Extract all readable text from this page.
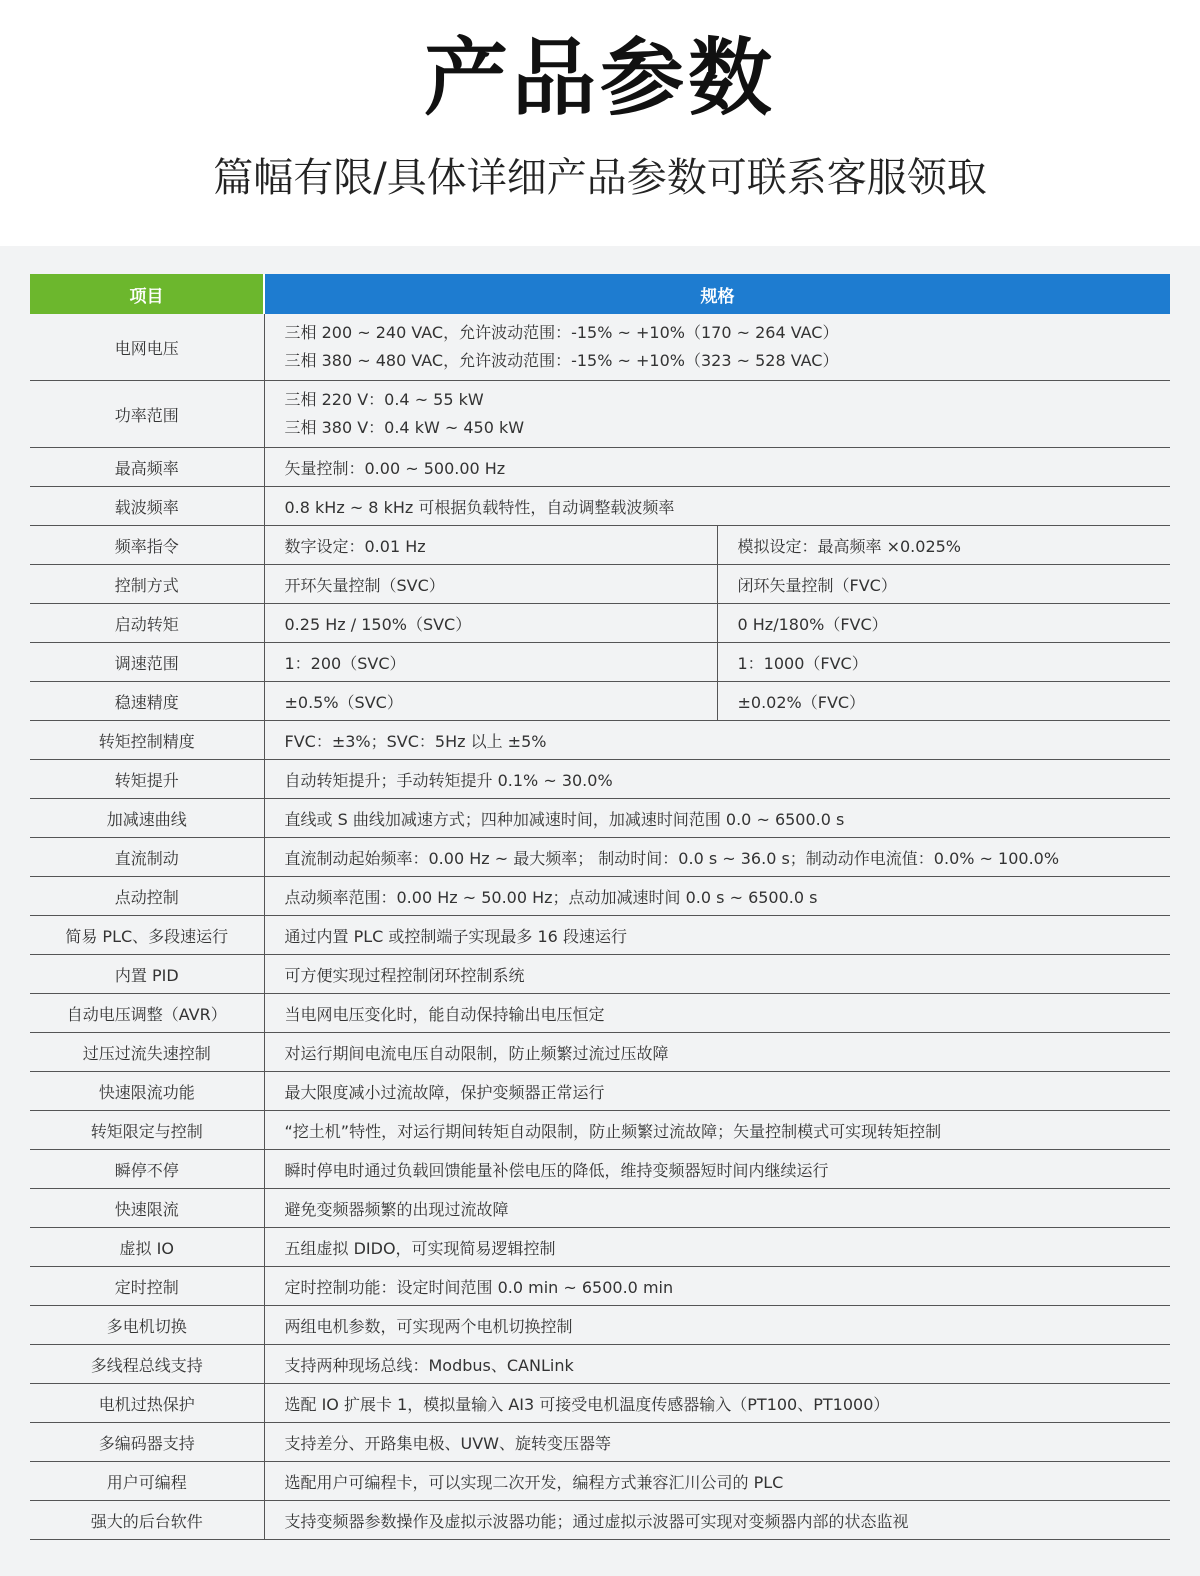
产品参数
篇幅有限/具体详细产品参数可联系客服领取
项目	规格	
电网电压	三相 200 ~ 240 VAC，允许波动范围：-15% ~ +10%（170 ~ 264 VAC）
三相 380 ~ 480 VAC，允许波动范围：-15% ~ +10%（323 ~ 528 VAC）	

功率范围	三相 220 V：0.4 ~ 55 kW
三相 380 V：0.4 kW ~ 450 kW	

最高频率	矢量控制：0.00 ~ 500.00 Hz	
载波频率	0.8 kHz ~ 8 kHz 可根据负载特性，自动调整载波频率	
频率指令	数字设定：0.01 Hz	模拟设定：最高频率 ×0.025%
控制方式	开环矢量控制（SVC）	闭环矢量控制（FVC）
启动转矩	0.25 Hz / 150%（SVC）	0 Hz/180%（FVC）
调速范围	1：200（SVC）	1：1000（FVC）
稳速精度	±0.5%（SVC）	±0.02%（FVC）
转矩控制精度	FVC：±3%；SVC：5Hz 以上 ±5%	
转矩提升	自动转矩提升；手动转矩提升 0.1% ~ 30.0%	
加减速曲线	直线或 S 曲线加减速方式；四种加减速时间，加减速时间范围 0.0 ~ 6500.0 s	
直流制动	直流制动起始频率：0.00 Hz ~ 最大频率； 制动时间：0.0 s ~ 36.0 s；制动动作电流值：0.0% ~ 100.0%	
点动控制	点动频率范围：0.00 Hz ~ 50.00 Hz；点动加减速时间 0.0 s ~ 6500.0 s	
简易 PLC、多段速运行	通过内置 PLC 或控制端子实现最多 16 段速运行	
内置 PID	可方便实现过程控制闭环控制系统	
自动电压调整（AVR）	当电网电压变化时，能自动保持输出电压恒定	
过压过流失速控制	对运行期间电流电压自动限制，防止频繁过流过压故障	
快速限流功能	最大限度减小过流故障，保护变频器正常运行	
转矩限定与控制	“挖土机”特性，对运行期间转矩自动限制，防止频繁过流故障；矢量控制模式可实现转矩控制	
瞬停不停	瞬时停电时通过负载回馈能量补偿电压的降低，维持变频器短时间内继续运行	
快速限流	避免变频器频繁的出现过流故障	
虚拟 IO	五组虚拟 DIDO，可实现简易逻辑控制	
定时控制	定时控制功能：设定时间范围 0.0 min ~ 6500.0 min	
多电机切换	两组电机参数，可实现两个电机切换控制	
多线程总线支持	支持两种现场总线：Modbus、CANLink	
电机过热保护	选配 IO 扩展卡 1，模拟量输入 AI3 可接受电机温度传感器输入（PT100、PT1000）	
多编码器支持	支持差分、开路集电极、UVW、旋转变压器等	
用户可编程	选配用户可编程卡，可以实现二次开发，编程方式兼容汇川公司的 PLC	
强大的后台软件	支持变频器参数操作及虚拟示波器功能；通过虚拟示波器可实现对变频器内部的状态监视	
